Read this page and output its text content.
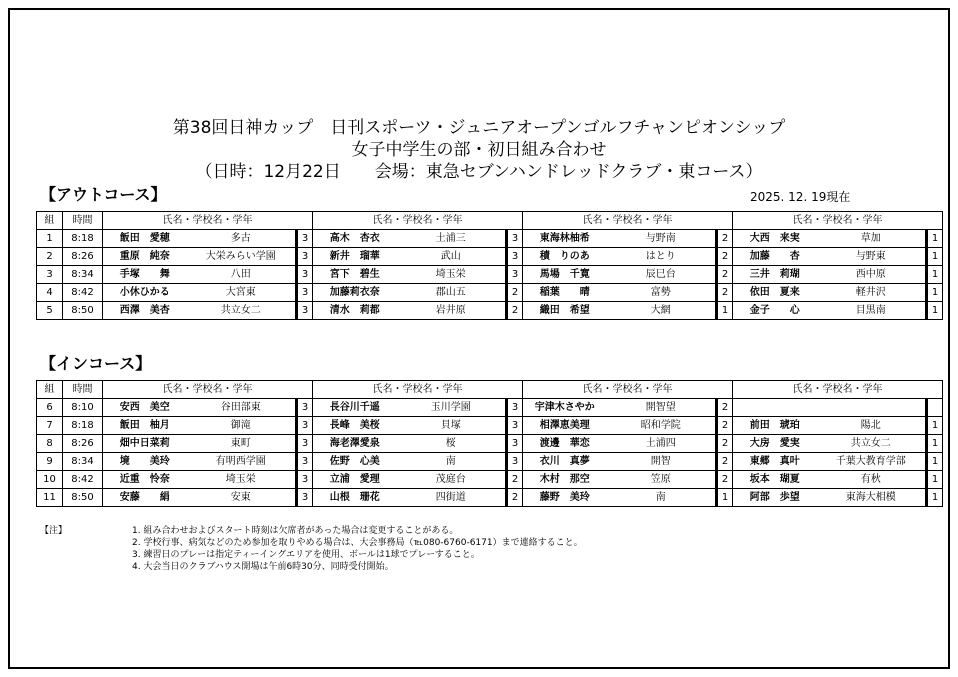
第38回日神カップ　日刊スポーツ・ジュニアオープンゴルフチャンピオンシップ
女子中学生の部・初日組み合わせ
（日時：12月22日　　会場：東急セブンハンドレッドクラブ・東コース）
【アウトコース】	2025. 12. 19現在
組	時間	氏名・学校名・学年			氏名・学校名・学年			氏名・学校名・学年			氏名・学校名・学年		
1	8:18	飯田　愛穂	多古	3	高木　杏衣	土浦三	3	東海林柚希	与野南	2	大西　来実	草加	1
2	8:26	重原　純奈	大栄みらい学園	3	新井　瑠華	武山	3	積　りのあ	はとり	2	加藤　　杏	与野東	1
3	8:34	手塚　　舞	八田	3	宮下　碧生	埼玉栄	3	馬場　千寛	辰巳台	2	三井　莉瑚	西中原	1
4	8:42	小休ひかる	大宮東	3	加藤莉衣奈	郡山五	2	稲葉　　晴	富勢	2	依田　夏来	軽井沢	1
5	8:50	西澤　美杏	共立女二	3	清水　莉都	岩井原	2	織田　希望	大網	1	金子　　心	目黒南	1
【インコース】
組	時間	氏名・学校名・学年			氏名・学校名・学年			氏名・学校名・学年			氏名・学校名・学年		
6	8:10	安西　美空	谷田部東	3	長谷川千遥	玉川学園	3	宇津木さやか	開智望	2			
7	8:18	飯田　柚月	御滝	3	長峰　美桜	貝塚	3	相澤恵美理	昭和学院	2	前田　琥珀	陽北	1
8	8:26	畑中日菜莉	東町	3	海老澤愛泉	桜	3	渡邊　華恋	土浦四	2	大房　愛実	共立女二	1
9	8:34	境　　美玲	有明西学園	3	佐野　心美	南	3	衣川　真夢	開智	2	東郷　真叶	千葉大教育学部	1
10	8:42	近重　怜奈	埼玉栄	3	立浦　愛理	茂庭台	2	木村　那空	笠原	2	坂本　瑚夏	有秋	1
11	8:50	安藤　　絹	安東	3	山根　珊花	四街道	2	藤野　美玲	南	1	阿部　歩望	東海大相模	1
【注】	1. 組み合わせおよびスタート時刻は欠席者があった場合は変更することがある。
2. 学校行事、病気などのため参加を取りやめる場合は、大会事務局（℡080-6760-6171）まで連絡すること。
3. 練習日のプレーは指定ティーイングエリアを使用、ボールは1球でプレーすること。
4. 大会当日のクラブハウス開場は午前6時30分、同時受付開始。
